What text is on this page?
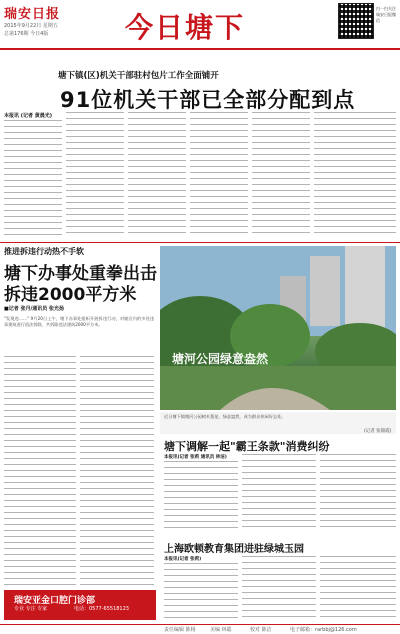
瑞安日报
2015年9月22日 星期五
总第176期 今日4版	今日塘下
扫一扫关注瑞安日报微信
塘下镇(区)机关干部驻村包片工作全面铺开
91位机关干部已全部分配到点
本报讯 (记者 黄晨光)
推进拆违行动热不手软
塘下办事处重拳出击
拆违2000平方米
■记者 张丹/通讯员 张光扬
"发现违……" 9月20日上午，塘下办事处组织开展拆违行动，对辖区内的多处违章建筑进行依法拆除，共拆除违法建筑2000平方米。
塘河公园绿意盎然
近日塘下镇塘河公园树木葱茏，绿意盎然，成为群众休闲好去处。
(记者 张锦霞)
塘下调解一起"霸王条款"消费纠纷
本报讯(记者 张莉 通讯员 林洁)
上海欧顿教育集团进驻绿城玉园
本报讯(记者 张莉)
瑞安亚金口腔门诊部
专业 专注 专家	电话：0577-65518123
责任编辑 陈杨	美编 林聪	校对 陈洁	电子邮箱：rarbbj@126.com
